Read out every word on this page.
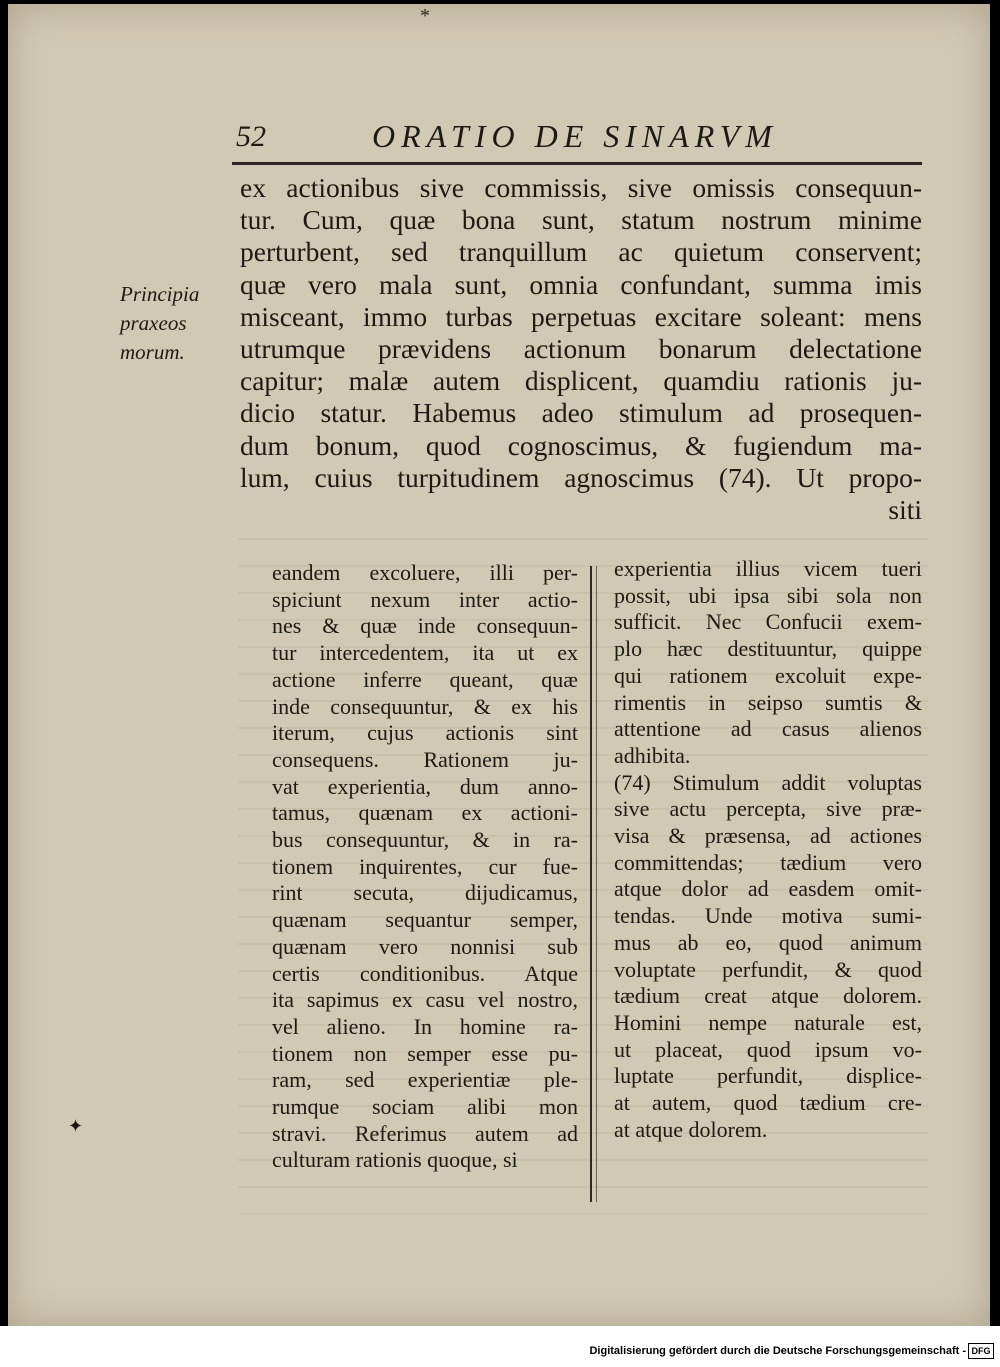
*
52	ORATIO DE SINARVM
Principia
praxeos
morum.
ex actionibus sive commissis, sive omissis consequun-
tur. Cum, quæ bona sunt, statum nostrum minime
perturbent, sed tranquillum ac quietum conservent;
quæ vero mala sunt, omnia confundant, summa imis
misceant, immo turbas perpetuas excitare soleant: mens
utrumque prævidens actionum bonarum delectatione
capitur; malæ autem displicent, quamdiu rationis ju-
dicio statur. Habemus adeo stimulum ad prosequen-
dum bonum, quod cognoscimus, & fugiendum ma-
lum, cuius turpitudinem agnoscimus (74). Ut propo-
siti
eandem excoluere, illi per-
spiciunt nexum inter actio-
nes & quæ inde consequun-
tur intercedentem, ita ut ex
actione inferre queant, quæ
inde consequuntur, & ex his
iterum, cujus actionis sint
consequens. Rationem ju-
vat experientia, dum anno-
tamus, quænam ex actioni-
bus consequuntur, & in ra-
tionem inquirentes, cur fue-
rint secuta, dijudicamus,
quænam sequantur semper,
quænam vero nonnisi sub
certis conditionibus. Atque
ita sapimus ex casu vel nostro,
vel alieno. In homine ra-
tionem non semper esse pu-
ram, sed experientiæ ple-
rumque sociam alibi mon
stravi. Referimus autem ad
culturam rationis quoque, si

experientia illius vicem tueri
possit, ubi ipsa sibi sola non
sufficit. Nec Confucii exem-
plo hæc destituuntur, quippe
qui rationem excoluit expe-
rimentis in seipso sumtis &
attentione ad casus alienos
adhibita.

(74) Stimulum addit voluptas
sive actu percepta, sive præ-
visa & præsensa, ad actiones
committendas; tædium vero
atque dolor ad easdem omit-
tendas. Unde motiva sumi-
mus ab eo, quod animum
voluptate perfundit, & quod
tædium creat atque dolorem.
Homini nempe naturale est,
ut placeat, quod ipsum vo-
luptate perfundit, displice-
at autem, quod tædium cre-
at atque dolorem.

✦
Digitalisierung gefördert durch die Deutsche Forschungsgemeinschaft - DFG
